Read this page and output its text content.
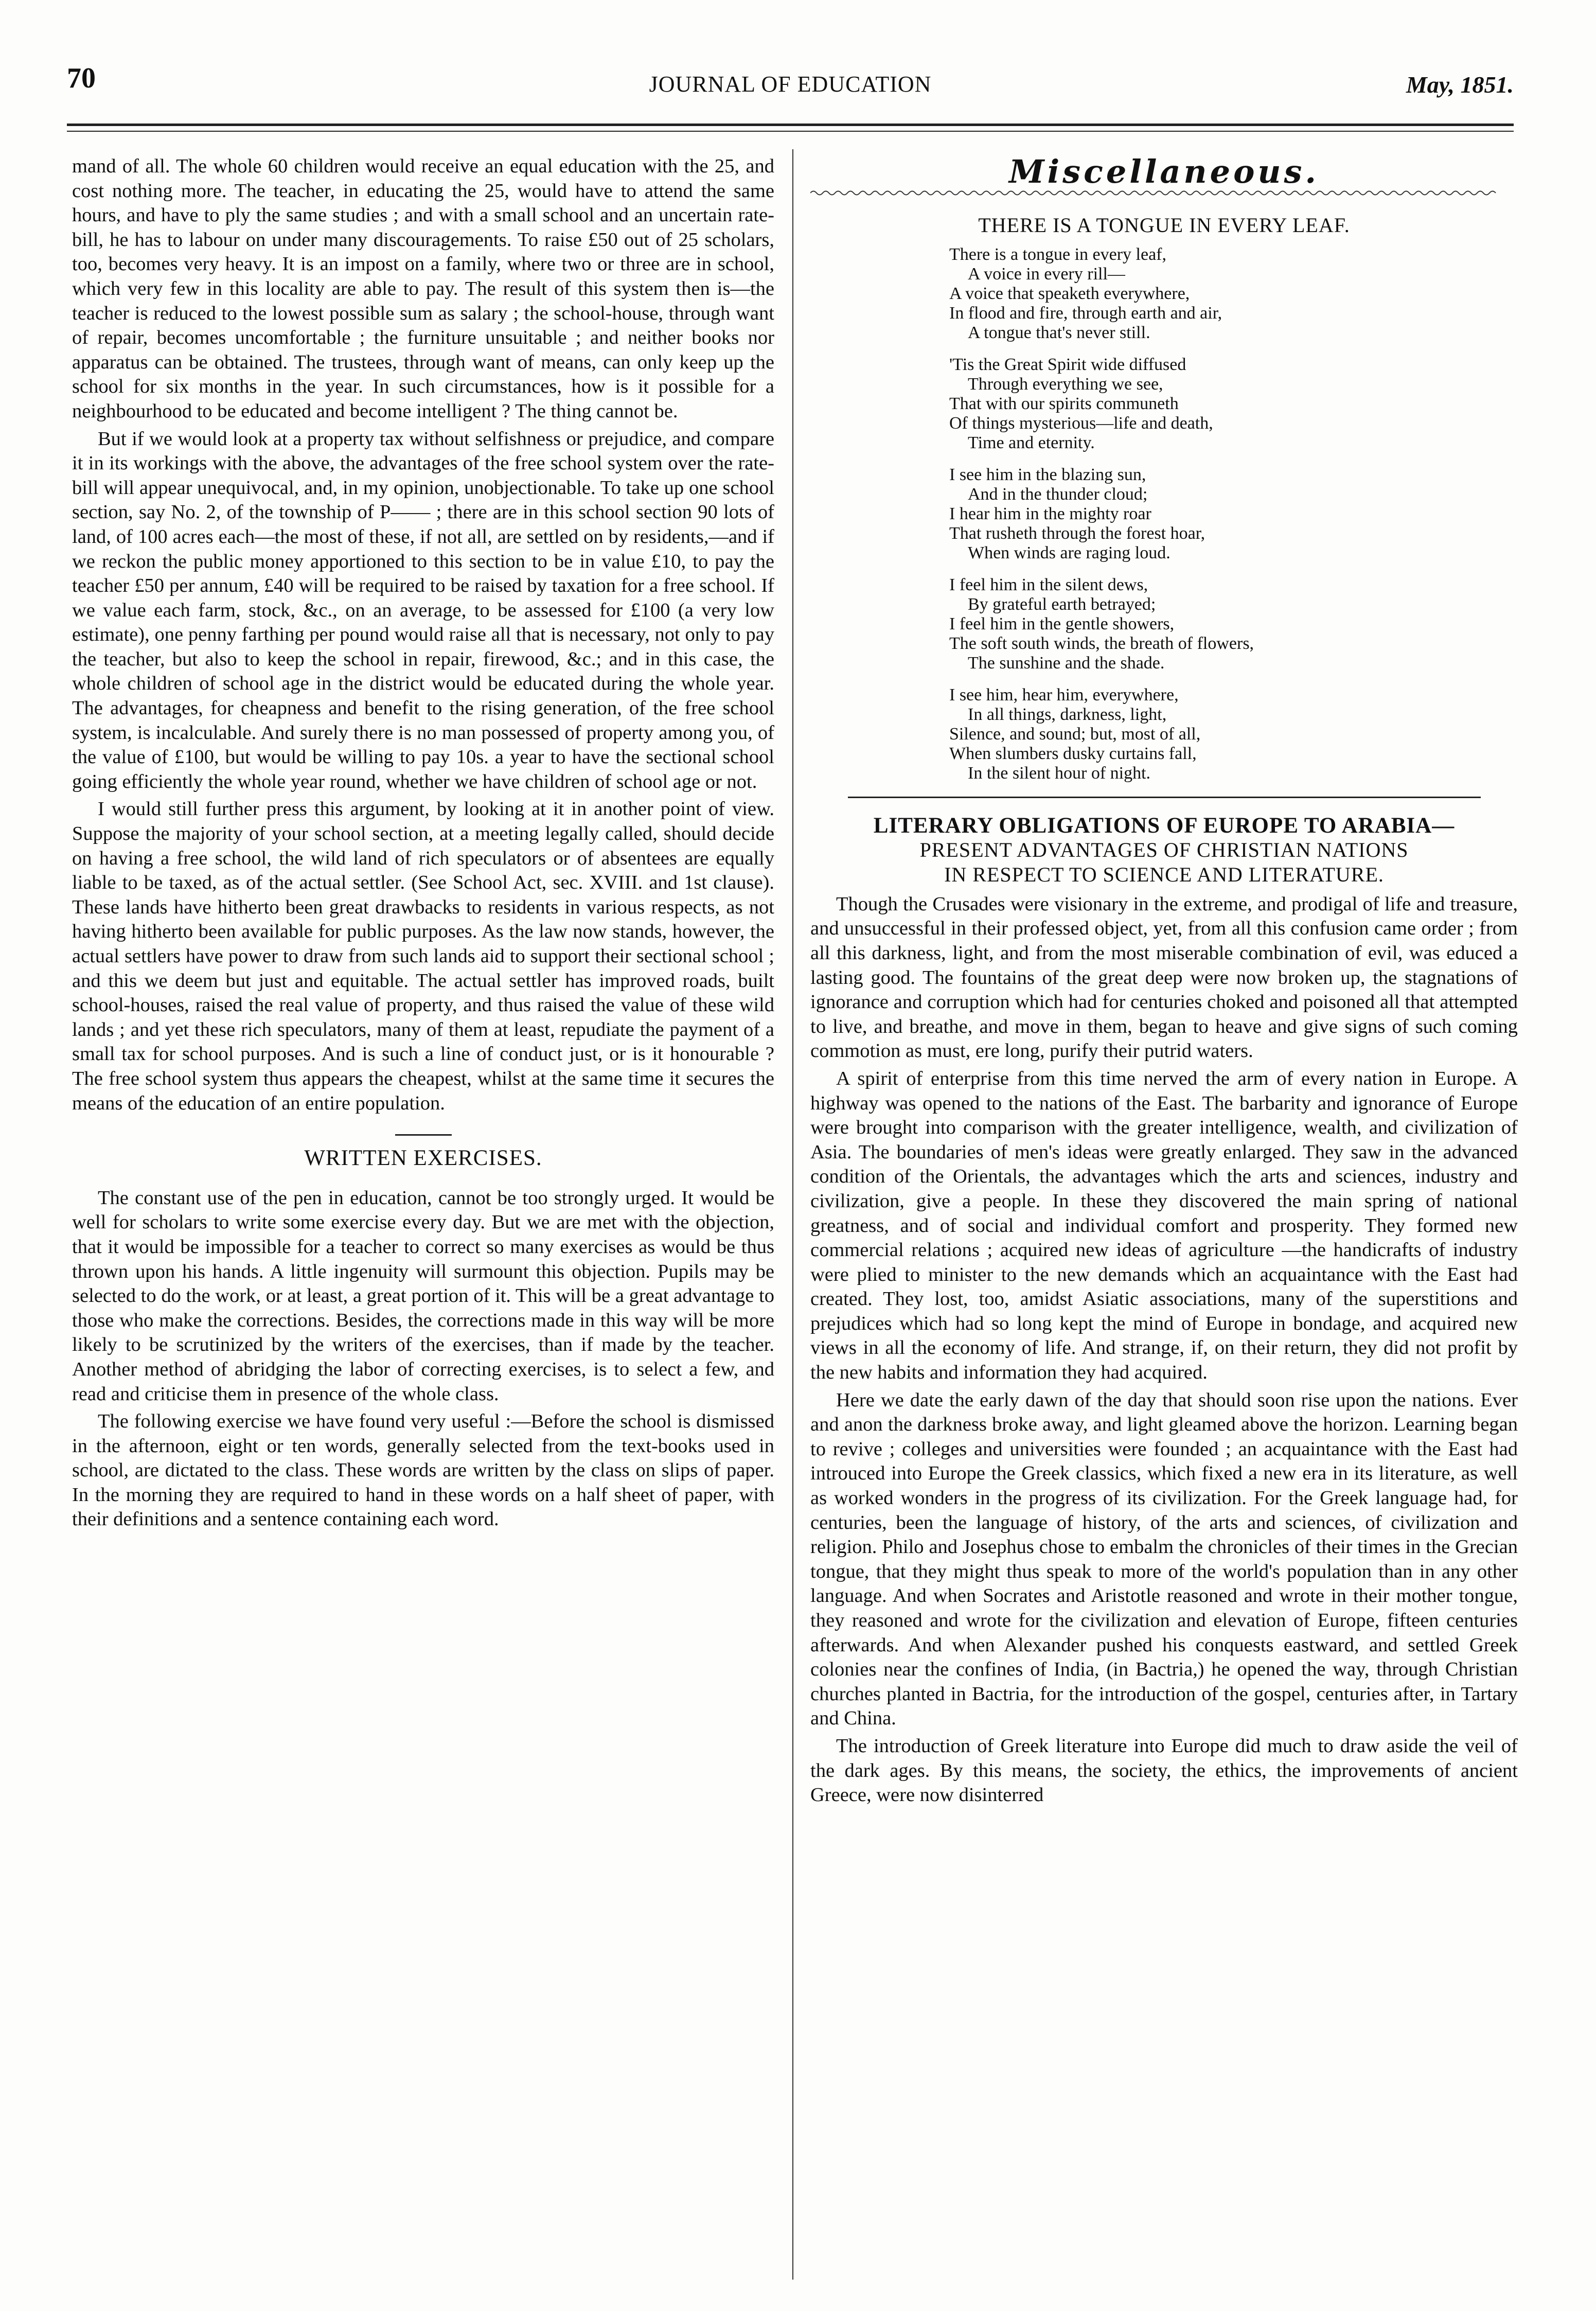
70	JOURNAL OF EDUCATION	May, 1851.

mand of all. The whole 60 children would receive an equal education with the 25, and cost nothing more. The teacher, in educating the 25, would have to attend the same hours, and have to ply the same studies ; and with a small school and an uncertain rate-bill, he has to labour on under many discouragements. To raise £50 out of 25 scholars, too, becomes very heavy. It is an impost on a family, where two or three are in school, which very few in this locality are able to pay. The result of this system then is—the teacher is reduced to the lowest possible sum as salary ; the school-house, through want of repair, becomes uncomfortable ; the furniture unsuitable ; and neither books nor apparatus can be obtained. The trustees, through want of means, can only keep up the school for six months in the year. In such circumstances, how is it possible for a neighbourhood to be educated and become intelligent ? The thing cannot be.

But if we would look at a property tax without selfishness or prejudice, and compare it in its workings with the above, the advantages of the free school system over the rate-bill will appear unequivocal, and, in my opinion, unobjectionable. To take up one school section, say No. 2, of the township of P—— ; there are in this school section 90 lots of land, of 100 acres each—the most of these, if not all, are settled on by residents,—and if we reckon the public money apportioned to this section to be in value £10, to pay the teacher £50 per annum, £40 will be required to be raised by taxation for a free school. If we value each farm, stock, &c., on an average, to be assessed for £100 (a very low estimate), one penny farthing per pound would raise all that is necessary, not only to pay the teacher, but also to keep the school in repair, firewood, &c.; and in this case, the whole children of school age in the district would be educated during the whole year. The advantages, for cheapness and benefit to the rising generation, of the free school system, is incalculable. And surely there is no man possessed of property among you, of the value of £100, but would be willing to pay 10s. a year to have the sectional school going efficiently the whole year round, whether we have children of school age or not.

I would still further press this argument, by looking at it in another point of view. Suppose the majority of your school section, at a meeting legally called, should decide on having a free school, the wild land of rich speculators or of absentees are equally liable to be taxed, as of the actual settler. (See School Act, sec. XVIII. and 1st clause). These lands have hitherto been great drawbacks to residents in various respects, as not having hitherto been available for public purposes. As the law now stands, however, the actual settlers have power to draw from such lands aid to support their sectional school ; and this we deem but just and equitable. The actual settler has improved roads, built school-houses, raised the real value of property, and thus raised the value of these wild lands ; and yet these rich speculators, many of them at least, repudiate the payment of a small tax for school purposes. And is such a line of conduct just, or is it honourable ? The free school system thus appears the cheapest, whilst at the same time it secures the means of the education of an entire population.

WRITTEN EXERCISES.

The constant use of the pen in education, cannot be too strongly urged. It would be well for scholars to write some exercise every day. But we are met with the objection, that it would be impossible for a teacher to correct so many exercises as would be thus thrown upon his hands. A little ingenuity will surmount this objection. Pupils may be selected to do the work, or at least, a great portion of it. This will be a great advantage to those who make the corrections. Besides, the corrections made in this way will be more likely to be scrutinized by the writers of the exercises, than if made by the teacher. Another method of abridging the labor of correcting exercises, is to select a few, and read and criticise them in presence of the whole class.

The following exercise we have found very useful :—Before the school is dismissed in the afternoon, eight or ten words, generally selected from the text-books used in school, are dictated to the class. These words are written by the class on slips of paper. In the morning they are required to hand in these words on a half sheet of paper, with their definitions and a sentence containing each word.

Miscellaneous.
THERE IS A TONGUE IN EVERY LEAF.
There is a tongue in every leaf,
A voice in every rill—
A voice that speaketh everywhere,
In flood and fire, through earth and air,
A tongue that's never still.
'Tis the Great Spirit wide diffused
Through everything we see,
That with our spirits communeth
Of things mysterious—life and death,
Time and eternity.
I see him in the blazing sun,
And in the thunder cloud;
I hear him in the mighty roar
That rusheth through the forest hoar,
When winds are raging loud.
I feel him in the silent dews,
By grateful earth betrayed;
I feel him in the gentle showers,
The soft south winds, the breath of flowers,
The sunshine and the shade.
I see him, hear him, everywhere,
In all things, darkness, light,
Silence, and sound; but, most of all,
When slumbers dusky curtains fall,
In the silent hour of night.
LITERARY OBLIGATIONS OF EUROPE TO ARABIA—
PRESENT ADVANTAGES OF CHRISTIAN NATIONS
IN RESPECT TO SCIENCE AND LITERATURE.

Though the Crusades were visionary in the extreme, and prodigal of life and treasure, and unsuccessful in their professed object, yet, from all this confusion came order ; from all this darkness, light, and from the most miserable combination of evil, was educed a lasting good. The fountains of the great deep were now broken up, the stagnations of ignorance and corruption which had for centuries choked and poisoned all that attempted to live, and breathe, and move in them, began to heave and give signs of such coming commotion as must, ere long, purify their putrid waters.

A spirit of enterprise from this time nerved the arm of every nation in Europe. A highway was opened to the nations of the East. The barbarity and ignorance of Europe were brought into comparison with the greater intelligence, wealth, and civilization of Asia. The boundaries of men's ideas were greatly enlarged. They saw in the advanced condition of the Orientals, the advantages which the arts and sciences, industry and civilization, give a people. In these they discovered the main spring of national greatness, and of social and individual comfort and prosperity. They formed new commercial relations ; acquired new ideas of agriculture —the handicrafts of industry were plied to minister to the new demands which an acquaintance with the East had created. They lost, too, amidst Asiatic associations, many of the superstitions and prejudices which had so long kept the mind of Europe in bondage, and acquired new views in all the economy of life. And strange, if, on their return, they did not profit by the new habits and information they had acquired.

Here we date the early dawn of the day that should soon rise upon the nations. Ever and anon the darkness broke away, and light gleamed above the horizon. Learning began to revive ; colleges and universities were founded ; an acquaintance with the East had introuced into Europe the Greek classics, which fixed a new era in its literature, as well as worked wonders in the progress of its civilization. For the Greek language had, for centuries, been the language of history, of the arts and sciences, of civilization and religion. Philo and Josephus chose to embalm the chronicles of their times in the Grecian tongue, that they might thus speak to more of the world's population than in any other language. And when Socrates and Aristotle reasoned and wrote in their mother tongue, they reasoned and wrote for the civilization and elevation of Europe, fifteen centuries afterwards. And when Alexander pushed his conquests eastward, and settled Greek colonies near the confines of India, (in Bactria,) he opened the way, through Christian churches planted in Bactria, for the introduction of the gospel, centuries after, in Tartary and China.

The introduction of Greek literature into Europe did much to draw aside the veil of the dark ages. By this means, the society, the ethics, the improvements of ancient Greece, were now disinterred
